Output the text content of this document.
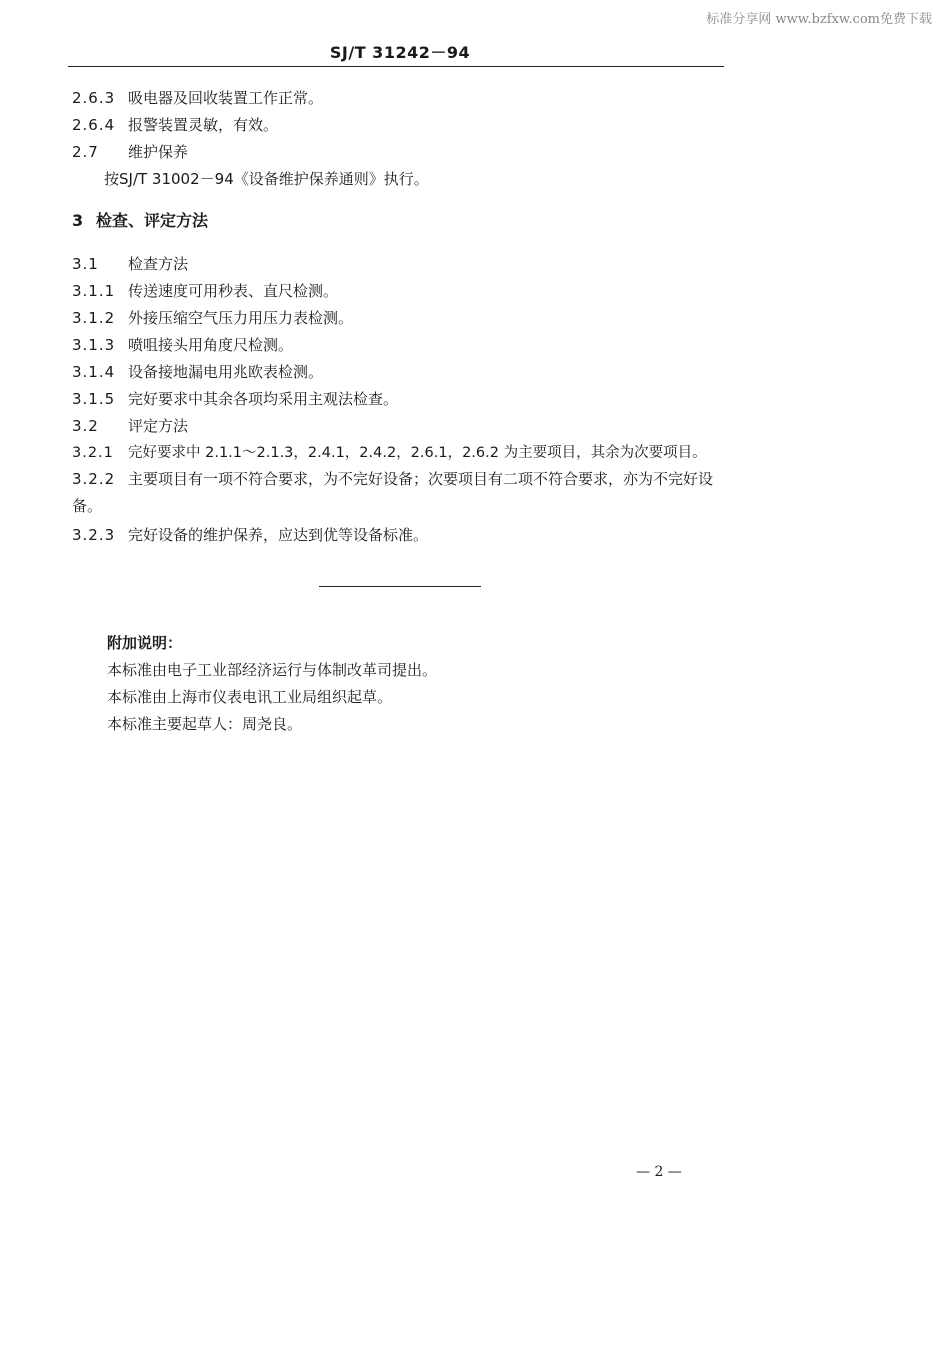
标准分享网 www.bzfxw.com免费下载
SJ/T 31242－94
2.6.3 吸电器及回收装置工作正常。
2.6.4 报警装置灵敏，有效。
2.7 维护保养
按SJ/T 31002－94《设备维护保养通则》执行。
3 检查、评定方法
3.1 检查方法
3.1.1 传送速度可用秒表、直尺检测。
3.1.2 外接压缩空气压力用压力表检测。
3.1.3 喷咀接头用角度尺检测。
3.1.4 设备接地漏电用兆欧表检测。
3.1.5 完好要求中其余各项均采用主观法检查。
3.2 评定方法
3.2.1 完好要求中 2.1.1～2.1.3，2.4.1，2.4.2，2.6.1，2.6.2 为主要项目，其余为次要项目。
3.2.2 主要项目有一项不符合要求，为不完好设备；次要项目有二项不符合要求，亦为不完好设备。
3.2.3 完好设备的维护保养，应达到优等设备标准。
附加说明：
本标准由电子工业部经济运行与体制改革司提出。
本标准由上海市仪表电讯工业局组织起草。
本标准主要起草人：周尧良。
— 2 —
